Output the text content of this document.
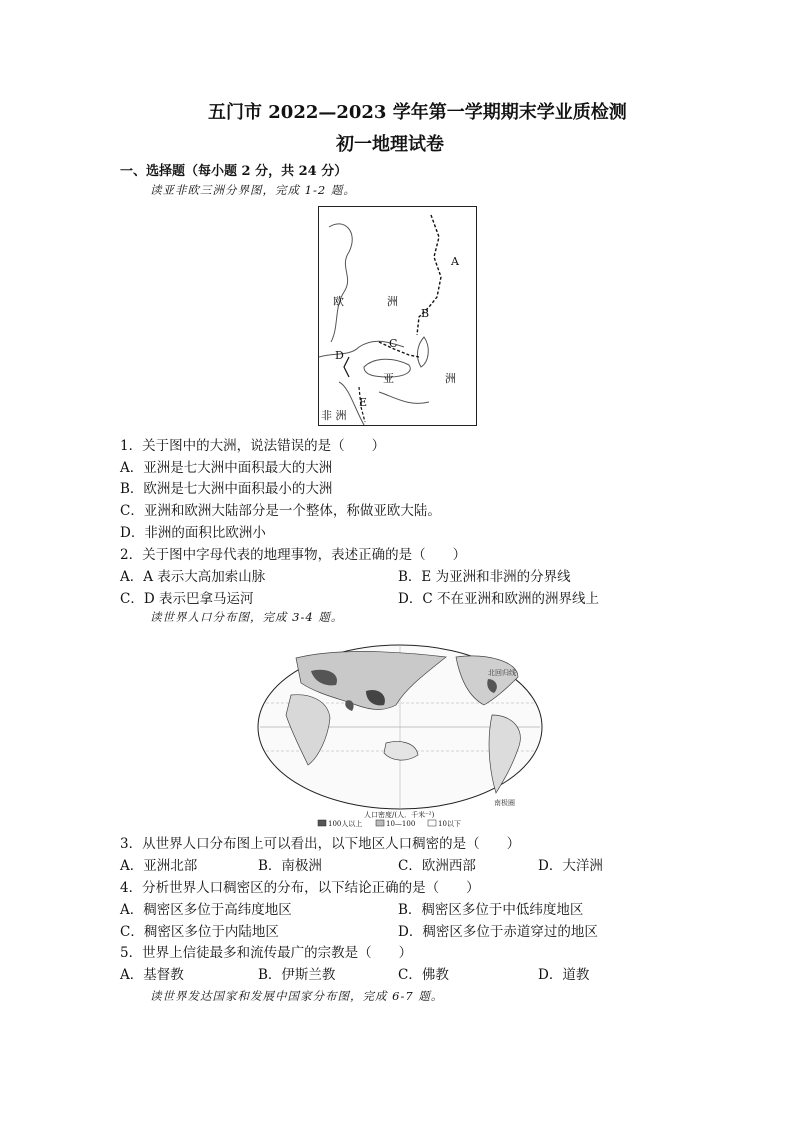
五门市 2022—2023 学年第一学期期末学业质检测
初一地理试卷
一、选择题（每小题 2 分，共 24 分）
读亚非欧三洲分界图，完成 1-2 题。
A
B
C
D
E
欧	洲
亚	洲
非 洲
1．关于图中的大洲，说法错误的是（　　）
A．亚洲是七大洲中面积最大的大洲
B．欧洲是七大洲中面积最小的大洲
C．亚洲和欧洲大陆部分是一个整体，称做亚欧大陆。
D．非洲的面积比欧洲小
2．关于图中字母代表的地理事物，表述正确的是（　　）
A．A 表示大高加索山脉	B．E 为亚洲和非洲的分界线
C．D 表示巴拿马运河	D．C 不在亚洲和欧洲的洲界线上
读世界人口分布图，完成 3-4 题。
北回归线
南极圈
人口密度/(人．千米⁻²)
100人以上	10—100	10以下
3．从世界人口分布图上可以看出，以下地区人口稠密的是（　　）
A．亚洲北部	B．南极洲	C．欧洲西部	D．大洋洲
4．分析世界人口稠密区的分布，以下结论正确的是（　　）
A．稠密区多位于高纬度地区	B．稠密区多位于中低纬度地区
C．稠密区多位于内陆地区	D．稠密区多位于赤道穿过的地区
5．世界上信徒最多和流传最广的宗教是（　　）
A．基督教	B．伊斯兰教	C．佛教	D．道教
读世界发达国家和发展中国家分布图，完成 6-7 题。
